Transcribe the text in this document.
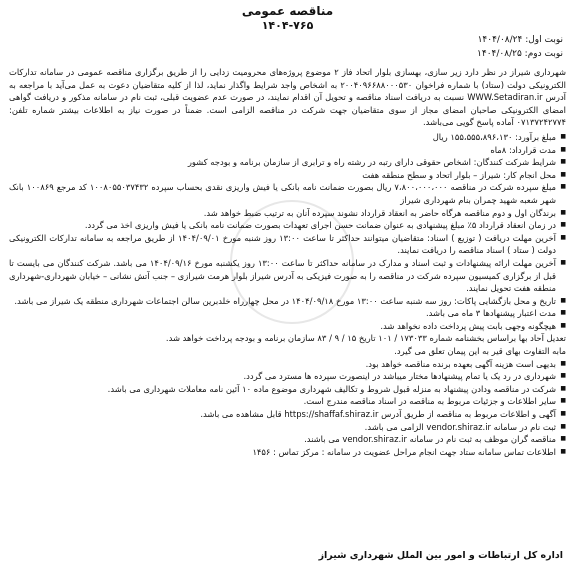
مناقصه عمومی
۱۴۰۴-۷۶۵
نوبت اول: ۱۴۰۴/۰۸/۲۴
نوبت دوم: ۱۴۰۴/۰۸/۲۵

شهرداری شیراز در نظر دارد زیر سازی، بهسازی بلوار اتحاد فاز ۲ موضوع پروژه‌های محرومیت زدایی را از طریق برگزاری مناقصه عمومی در سامانه تدارکات الکترونیکی دولت (ستاد) با شماره فراخوان ۲۰۰۴۰۹۶۶۸۸۰۰۰۵۳۰ به اشخاص واجد شرایط واگذار نماید، لذا از کلیه متقاضیان دعوت به عمل می‌آید با مراجعه به آدرس WWW.Setadiran.ir نسبت به دریافت اسناد مناقصه و تحویل آن اقدام نمایند، در صورت عدم عضویت قبلی، ثبت نام در سامانه مذکور و دریافت گواهی امضای الکترونیکی صاحبان امضای مجاز از سوی متقاضیان جهت شرکت در مناقصه الزامی است. ضمناً در صورت نیاز به اطلاعات بیشتر شماره تلفن: ۰۷۱۳۷۲۴۲۷۷۴ آماده پاسخ گویی می‌باشد.

■ مبلغ برآورد: ۱۵۵،۵۵۵،۸۹۶،۱۳۰ ریال
■ مدت قرارداد: ۸ماه
■ شرایط شرکت کنندگان: اشخاص حقوقی دارای رتبه در رشته راه و ترابری از سازمان برنامه و بودجه کشور
■ محل انجام کار: شیراز – بلوار اتحاد و سطح منطقه هفت
■ مبلغ سپرده شرکت در مناقصه ۷،۸۰۰،۰۰۰،۰۰۰ ریال بصورت ضمانت نامه بانکی یا فیش واریزی نقدی بحساب سپرده ۱۰۰۸۰۵۵۰۳۷۴۳۲ کد مرجع ۱۰۰۸۶۹ بانک شهر شعبه شهید چمران بنام شهرداری شیراز
■ برندگان اول و دوم مناقصه هرگاه حاضر به انعقاد قرارداد نشوند سپرده آنان به ترتیب ضبط خواهد شد.
■ در زمان انعقاد قرارداد ۵٪ مبلغ پیشنهادی به عنوان ضمانت حسن اجرای تعهدات بصورت ضمانت نامه بانکی یا فیش واریزی اخذ می گردد.
■ آخرین مهلت دریافت ( توزیع ) اسناد: متقاضیان میتوانند حداکثر تا ساعت ۱۳:۰۰ روز شنبه مورخ ۱۴۰۴/۰۹/۰۱ از طریق مراجعه به سامانه تدارکات الکترونیکی دولت ( ستاد ) اسناد مناقصه را دریافت نمایند.
■ آخرین مهلت ارائه پیشنهادات و ثبت اسناد و مدارک در سامانه حداکثر تا ساعت ۱۳:۰۰ روز یکشنبه مورخ ۱۴۰۴/۰۹/۱۶ می باشد. شرکت کنندگان می بایست تا قبل از برگزاری کمیسیون سپرده شرکت در مناقصه را به صورت فیزیکی به آدرس شیراز بلوار هرمت شیرازی – جنب آتش نشانی – خیابان شهرداری-شهرداری منطقه هفت تحویل نمایند.
■ تاریخ و محل بازگشایی پاکات: روز سه شنبه ساعت ۱۳:۰۰ مورخ ۱۴۰۴/۰۹/۱۸ در محل چهارراه خلدبرین سالن اجتماعات شهرداری منطقه یک شیراز می باشد.
■ مدت اعتبار پیشنهادها ۳ ماه می باشد.
■ هیچگونه وجهی بابت پیش پرداخت داده نخواهد شد.
تعدیل آحاد بها براساس بخشنامه شماره ۱۷۳۰۳۳ / ۱۰۱ تاریخ ۱۵ / ۹ / ۸۳ سازمان برنامه و بودجه پرداخت خواهد شد.
مابه التفاوت بهای قیر به این پیمان تعلق می گیرد.
■ بدیهی است هزینه آگهی بعهده برنده مناقصه خواهد بود.
■ شهرداری در رد یک یا تمام پیشنهادها مختار میباشد در اینصورت سپرده ها مسترد می گردد.
■ شرکت در مناقصه ودادن پیشنهاد به منزله قبول شروط و تکالیف شهرداری موضوع ماده ۱۰ آئین نامه معاملات شهرداری می باشد.
■ سایر اطلاعات و جزئیات مربوط به مناقصه در اسناد مناقصه مندرج است.
■ آگهی و اطلاعات مربوط به مناقصه از طریق آدرس https://shaffaf.shiraz.ir قابل مشاهده می باشد.
■ ثبت نام در سامانه vendor.shiraz.ir الزامی می باشد.
■ مناقصه گران موظف به ثبت نام در سامانه vendor.shiraz.ir می باشند.
■ اطلاعات تماس سامانه ستاد جهت انجام مراحل عضویت در سامانه : مرکز تماس : ۱۴۵۶
اداره کل ارتباطات و امور بین الملل شهرداری شیراز
